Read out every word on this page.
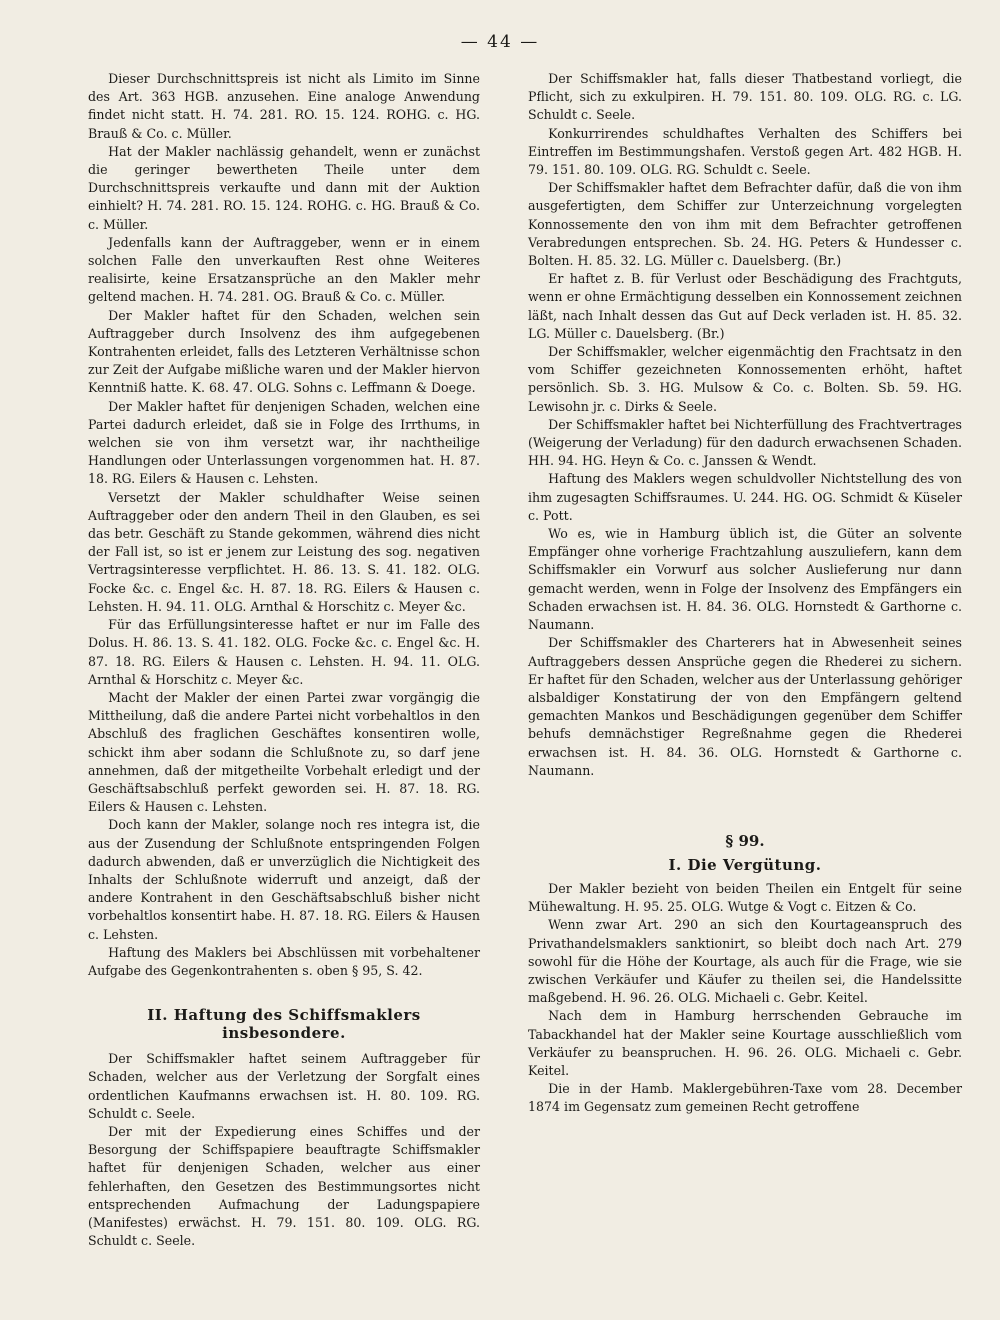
— 44 —

Dieser Durchschnittspreis ist nicht als Limito im Sinne des Art. 363 HGB. anzusehen. Eine analoge Anwendung findet nicht statt. H. 74. 281. RO. 15. 124. ROHG. c. HG. Brauß & Co. c. Müller.

Hat der Makler nachlässig gehandelt, wenn er zunächst die geringer bewertheten Theile unter dem Durchschnittspreis verkaufte und dann mit der Auktion einhielt? H. 74. 281. RO. 15. 124. ROHG. c. HG. Brauß & Co. c. Müller.

Jedenfalls kann der Auftraggeber, wenn er in einem solchen Falle den unverkauften Rest ohne Weiteres realisirte, keine Ersatzansprüche an den Makler mehr geltend machen. H. 74. 281. OG. Brauß & Co. c. Müller.

Der Makler haftet für den Schaden, welchen sein Auftraggeber durch Insolvenz des ihm aufgegebenen Kontrahenten erleidet, falls des Letzteren Verhältnisse schon zur Zeit der Aufgabe mißliche waren und der Makler hiervon Kenntniß hatte. K. 68. 47. OLG. Sohns c. Leffmann & Doege.

Der Makler haftet für denjenigen Schaden, welchen eine Partei dadurch erleidet, daß sie in Folge des Irrthums, in welchen sie von ihm versetzt war, ihr nachtheilige Handlungen oder Unterlassungen vorgenommen hat. H. 87. 18. RG. Eilers & Hausen c. Lehsten.

Versetzt der Makler schuldhafter Weise seinen Auftraggeber oder den andern Theil in den Glauben, es sei das betr. Geschäft zu Stande gekommen, während dies nicht der Fall ist, so ist er jenem zur Leistung des sog. negativen Vertragsinteresse verpflichtet. H. 86. 13. S. 41. 182. OLG. Focke &c. c. Engel &c. H. 87. 18. RG. Eilers & Hausen c. Lehsten. H. 94. 11. OLG. Arnthal & Horschitz c. Meyer &c.

Für das Erfüllungsinteresse haftet er nur im Falle des Dolus. H. 86. 13. S. 41. 182. OLG. Focke &c. c. Engel &c. H. 87. 18. RG. Eilers & Hausen c. Lehsten. H. 94. 11. OLG. Arnthal & Horschitz c. Meyer &c.

Macht der Makler der einen Partei zwar vorgängig die Mittheilung, daß die andere Partei nicht vorbehaltlos in den Abschluß des fraglichen Geschäftes konsentiren wolle, schickt ihm aber sodann die Schlußnote zu, so darf jene annehmen, daß der mitgetheilte Vorbehalt erledigt und der Geschäftsabschluß perfekt geworden sei. H. 87. 18. RG. Eilers & Hausen c. Lehsten.

Doch kann der Makler, solange noch res integra ist, die aus der Zusendung der Schlußnote entspringenden Folgen dadurch abwenden, daß er unverzüglich die Nichtigkeit des Inhalts der Schlußnote widerruft und anzeigt, daß der andere Kontrahent in den Geschäftsabschluß bisher nicht vorbehaltlos konsentirt habe. H. 87. 18. RG. Eilers & Hausen c. Lehsten.

Haftung des Maklers bei Abschlüssen mit vorbehaltener Aufgabe des Gegenkontrahenten s. oben § 95, S. 42.

II. Haftung des Schiffsmaklers insbesondere.

Der Schiffsmakler haftet seinem Auftraggeber für Schaden, welcher aus der Verletzung der Sorgfalt eines ordentlichen Kaufmanns erwachsen ist. H. 80. 109. RG. Schuldt c. Seele.

Der mit der Expedierung eines Schiffes und der Besorgung der Schiffspapiere beauftragte Schiffsmakler haftet für denjenigen Schaden, welcher aus einer fehlerhaften, den Gesetzen des Bestimmungsortes nicht entsprechenden Aufmachung der Ladungspapiere (Manifestes) erwächst. H. 79. 151. 80. 109. OLG. RG. Schuldt c. Seele.

Der Schiffsmakler hat, falls dieser Thatbestand vorliegt, die Pflicht, sich zu exkulpiren. H. 79. 151. 80. 109. OLG. RG. c. LG. Schuldt c. Seele.

Konkurrirendes schuldhaftes Verhalten des Schiffers bei Eintreffen im Bestimmungshafen. Verstoß gegen Art. 482 HGB. H. 79. 151. 80. 109. OLG. RG. Schuldt c. Seele.

Der Schiffsmakler haftet dem Befrachter dafür, daß die von ihm ausgefertigten, dem Schiffer zur Unterzeichnung vorgelegten Konnossemente den von ihm mit dem Befrachter getroffenen Verabredungen entsprechen. Sb. 24. HG. Peters & Hundesser c. Bolten. H. 85. 32. LG. Müller c. Dauelsberg. (Br.)

Er haftet z. B. für Verlust oder Beschädigung des Frachtguts, wenn er ohne Ermächtigung desselben ein Konnossement zeichnen läßt, nach Inhalt dessen das Gut auf Deck verladen ist. H. 85. 32. LG. Müller c. Dauelsberg. (Br.)

Der Schiffsmakler, welcher eigenmächtig den Frachtsatz in den vom Schiffer gezeichneten Konnossementen erhöht, haftet persönlich. Sb. 3. HG. Mulsow & Co. c. Bolten. Sb. 59. HG. Lewisohn jr. c. Dirks & Seele.

Der Schiffsmakler haftet bei Nichterfüllung des Frachtvertrages (Weigerung der Verladung) für den dadurch erwachsenen Schaden. HH. 94. HG. Heyn & Co. c. Janssen & Wendt.

Haftung des Maklers wegen schuldvoller Nichtstellung des von ihm zugesagten Schiffsraumes. U. 244. HG. OG. Schmidt & Küseler c. Pott.

Wo es, wie in Hamburg üblich ist, die Güter an solvente Empfänger ohne vorherige Frachtzahlung auszuliefern, kann dem Schiffsmakler ein Vorwurf aus solcher Auslieferung nur dann gemacht werden, wenn in Folge der Insolvenz des Empfängers ein Schaden erwachsen ist. H. 84. 36. OLG. Hornstedt & Garthorne c. Naumann.

Der Schiffsmakler des Charterers hat in Abwesenheit seines Auftraggebers dessen Ansprüche gegen die Rhederei zu sichern. Er haftet für den Schaden, welcher aus der Unterlassung gehöriger alsbaldiger Konstatirung der von den Empfängern geltend gemachten Mankos und Beschädigungen gegenüber dem Schiffer behufs demnächstiger Regreßnahme gegen die Rhederei erwachsen ist. H. 84. 36. OLG. Hornstedt & Garthorne c. Naumann.

§ 99.
I. Die Vergütung.

Der Makler bezieht von beiden Theilen ein Entgelt für seine Mühewaltung. H. 95. 25. OLG. Wutge & Vogt c. Eitzen & Co.

Wenn zwar Art. 290 an sich den Kourtageanspruch des Privathandelsmaklers sanktionirt, so bleibt doch nach Art. 279 sowohl für die Höhe der Kourtage, als auch für die Frage, wie sie zwischen Verkäufer und Käufer zu theilen sei, die Handelssitte maßgebend. H. 96. 26. OLG. Michaeli c. Gebr. Keitel.

Nach dem in Hamburg herrschenden Gebrauche im Tabackhandel hat der Makler seine Kourtage ausschließlich vom Verkäufer zu beanspruchen. H. 96. 26. OLG. Michaeli c. Gebr. Keitel.

Die in der Hamb. Maklergebühren-Taxe vom 28. December 1874 im Gegensatz zum gemeinen Recht getroffene
